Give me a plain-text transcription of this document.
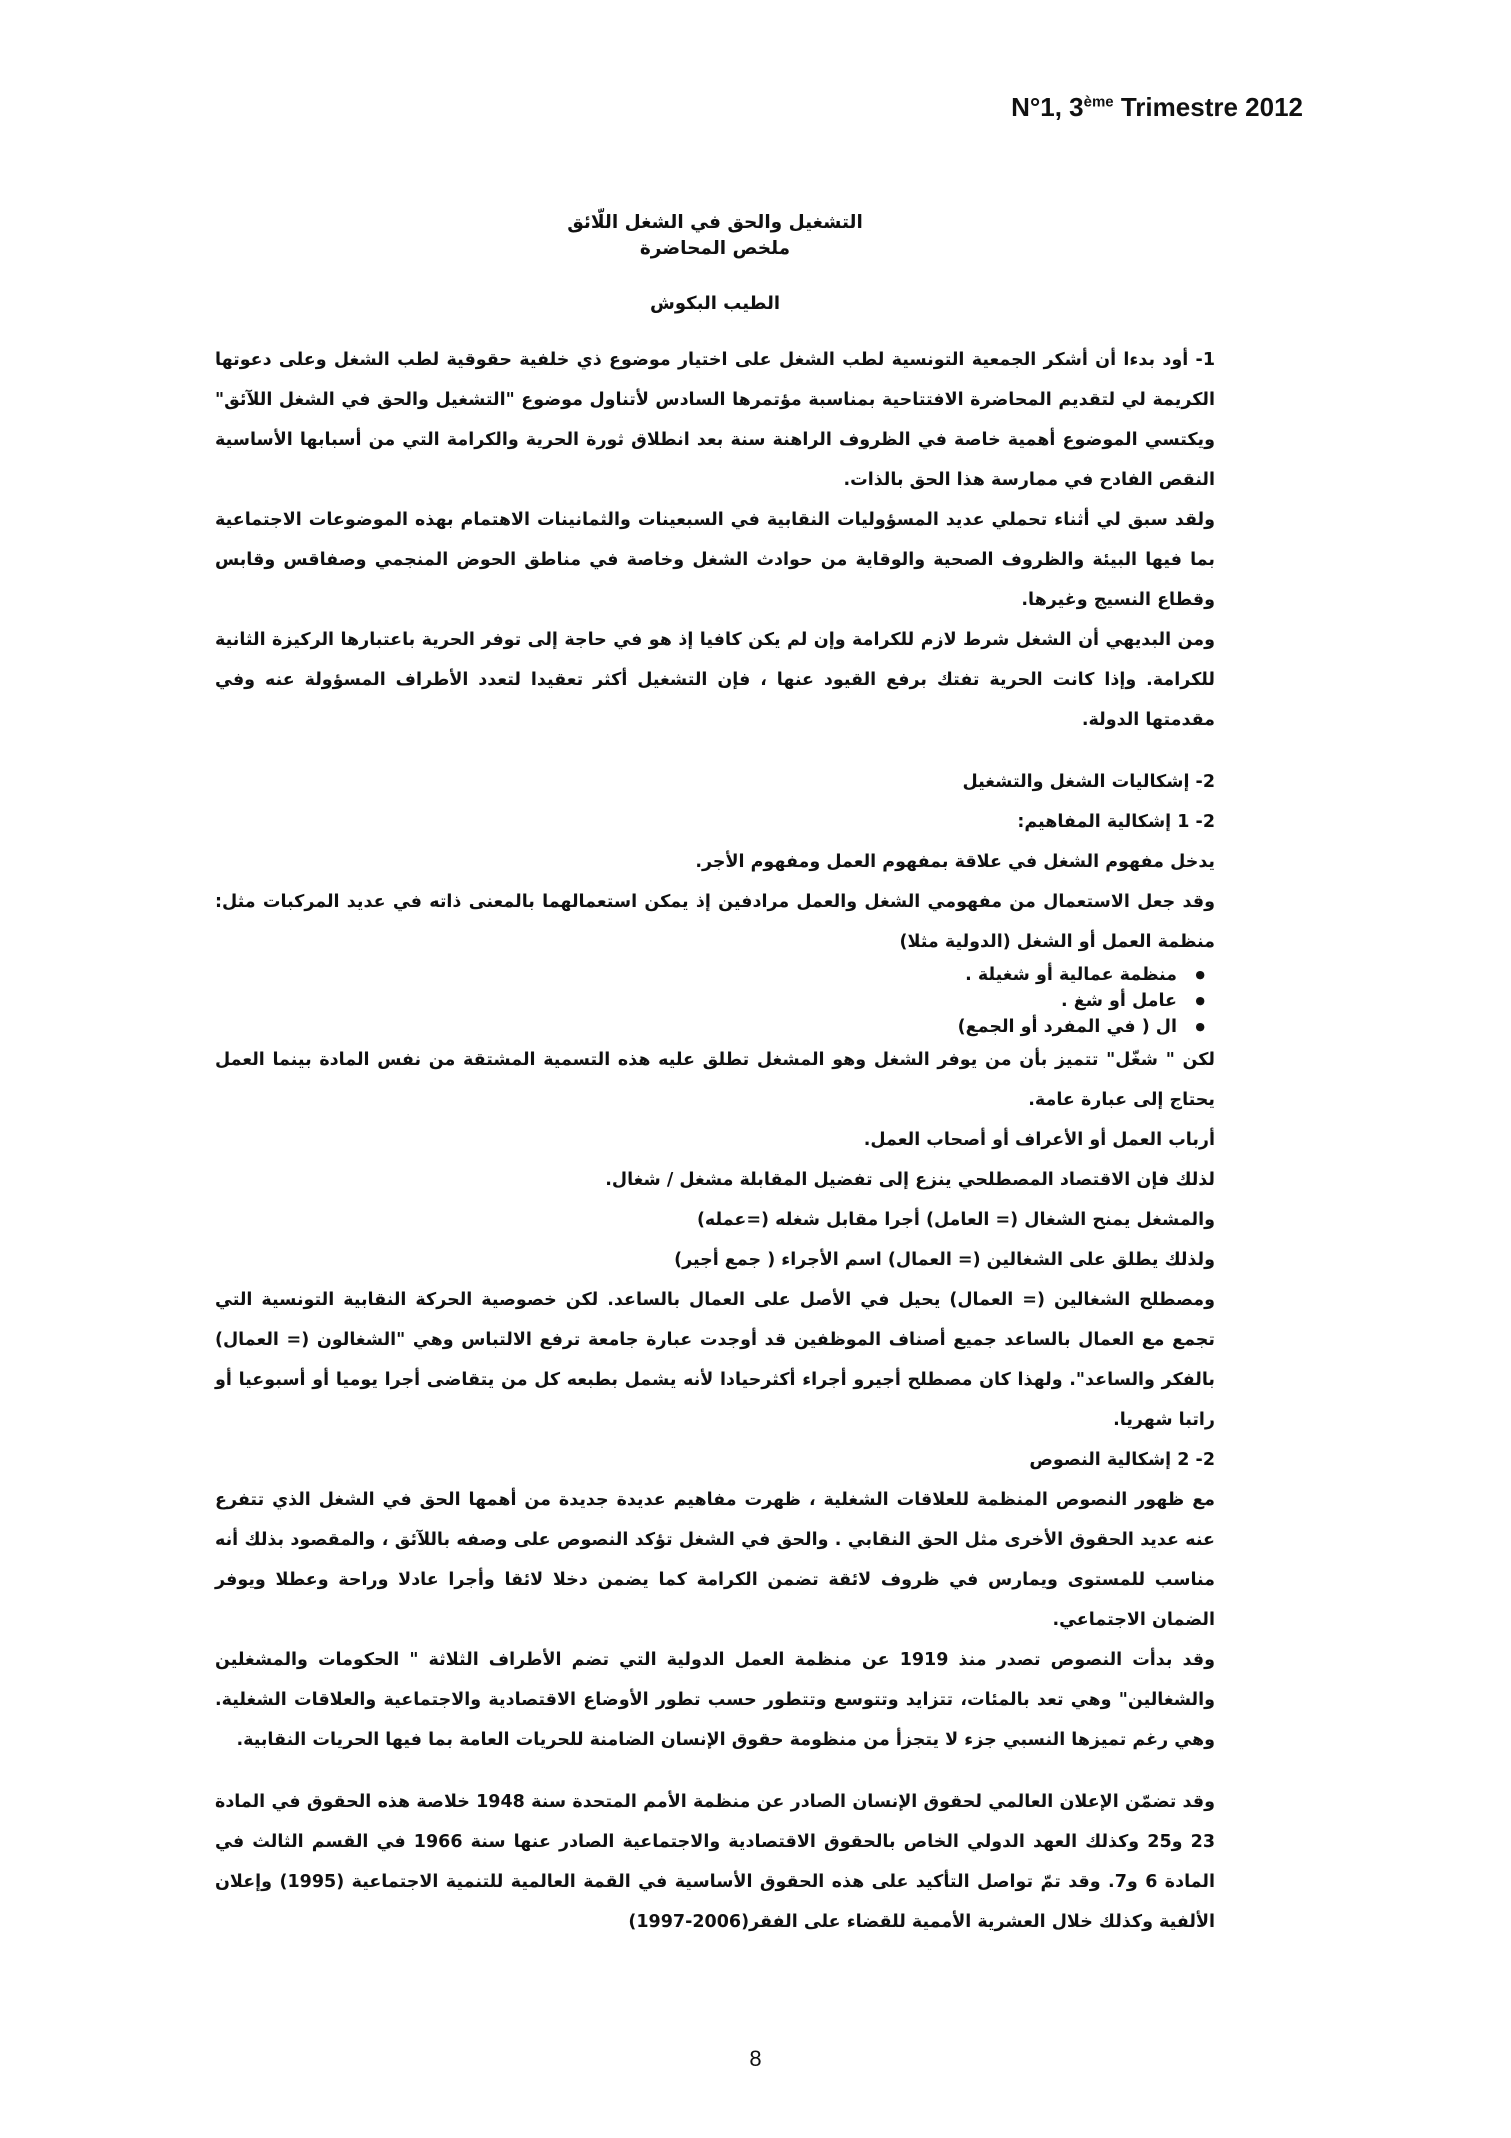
N°1, 3ème Trimestre 2012

التشغيل والحق في الشغل اللّائق

ملخص المحاضرة

الطيب البكوش

1- أود بدءا أن أشكر الجمعية التونسية لطب الشغل على اختيار موضوع ذي خلفية حقوقية لطب الشغل وعلى دعوتها الكريمة لي لتقديم المحاضرة الافتتاحية بمناسبة مؤتمرها السادس لأتناول موضوع "التشغيل والحق في الشغل اللآئق" ويكتسي الموضوع أهمية خاصة في الظروف الراهنة سنة بعد انطلاق ثورة الحرية والكرامة التي من أسبابها الأساسية النقص الفادح في ممارسة هذا الحق بالذات.

ولقد سبق لي أثناء تحملي عديد المسؤوليات النقابية في السبعينات والثمانينات الاهتمام بهذه الموضوعات الاجتماعية بما فيها البيئة والظروف الصحية والوقاية من حوادث الشغل وخاصة في مناطق الحوض المنجمي وصفاقس وقابس وقطاع النسيج وغيرها.

ومن البديهي أن الشغل شرط لازم للكرامة وإن لم يكن كافيا إذ هو في حاجة إلى توفر الحرية باعتبارها الركيزة الثانية للكرامة. وإذا كانت الحرية تفتك برفع القيود عنها ، فإن التشغيل أكثر تعقيدا لتعدد الأطراف المسؤولة عنه وفي مقدمتها الدولة.

2- إشكاليات الشغل والتشغيل

2- 1 إشكالية المفاهيم:

يدخل مفهوم الشغل في علاقة بمفهوم العمل ومفهوم الأجر.

وقد جعل الاستعمال من مفهومي الشغل والعمل مرادفين إذ يمكن استعمالهما بالمعنى ذاته في عديد المركبات مثل: منظمة العمل أو الشغل (الدولية مثلا)

● منظمة عمالية أو شغيلة .
● عامل أو شغ .
● ال ( في المفرد أو الجمع)

لكن " شغّل" تتميز بأن من يوفر الشغل وهو المشغل تطلق عليه هذه التسمية المشتقة من نفس المادة بينما العمل يحتاج إلى عبارة عامة.

أرباب العمل أو الأعراف أو أصحاب العمل.

لذلك فإن الاقتصاد المصطلحي ينزع إلى تفضيل المقابلة مشغل / شغال.

والمشغل يمنح الشغال (= العامل) أجرا مقابل شغله (=عمله)

ولذلك يطلق على الشغالين (= العمال) اسم الأجراء ( جمع أجير)

ومصطلح الشغالين (= العمال) يحيل في الأصل على العمال بالساعد. لكن خصوصية الحركة النقابية التونسية التي تجمع مع العمال بالساعد جميع أصناف الموظفين قد أوجدت عبارة جامعة ترفع الالتباس وهي "الشغالون (= العمال) بالفكر والساعد". ولهذا كان مصطلح أجيرو أجراء أكثرحيادا لأنه يشمل بطبعه كل من يتقاضى أجرا يوميا أو أسبوعيا أو راتبا شهريا.

2- 2 إشكالية النصوص

مع ظهور النصوص المنظمة للعلاقات الشغلية ، ظهرت مفاهيم عديدة جديدة من أهمها الحق في الشغل الذي تتفرع عنه عديد الحقوق الأخرى مثل الحق النقابي . والحق في الشغل تؤكد النصوص على وصفه باللآئق ، والمقصود بذلك أنه مناسب للمستوى ويمارس في ظروف لائقة تضمن الكرامة كما يضمن دخلا لائقا وأجرا عادلا وراحة وعطلا ويوفر الضمان الاجتماعي.

وقد بدأت النصوص تصدر منذ 1919 عن منظمة العمل الدولية التي تضم الأطراف الثلاثة " الحكومات والمشغلين والشغالين" وهي تعد بالمئات، تتزايد وتتوسع وتتطور حسب تطور الأوضاع الاقتصادية والاجتماعية والعلاقات الشغلية. وهي رغم تميزها النسبي جزء لا يتجزأ من منظومة حقوق الإنسان الضامنة للحريات العامة بما فيها الحريات النقابية.

وقد تضمّن الإعلان العالمي لحقوق الإنسان الصادر عن منظمة الأمم المتحدة سنة 1948 خلاصة هذه الحقوق في المادة 23 و25 وكذلك العهد الدولي الخاص بالحقوق الاقتصادية والاجتماعية الصادر عنها سنة 1966 في القسم الثالث في المادة 6 و7. وقد تمّ تواصل التأكيد على هذه الحقوق الأساسية في القمة العالمية للتنمية الاجتماعية (1995) وإعلان الألفية وكذلك خلال العشرية الأممية للقضاء على الفقر(2006-1997)

8
